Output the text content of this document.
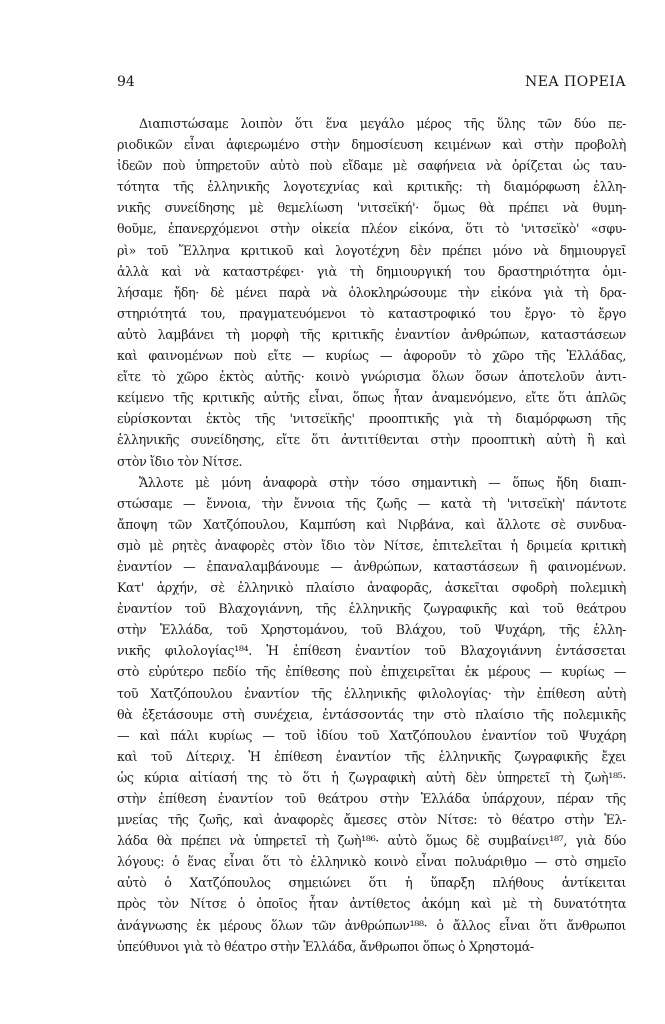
94	ΝΕΑ ΠΟΡΕΙΑ
Διαπιστώσαμε λοιπὸν ὅτι ἕνα μεγάλο μέρος τῆς ὕλης τῶν δύο πε-
ριοδικῶν εἶναι ἀφιερωμένο στὴν δημοσίευση κειμένων καὶ στὴν προβολὴ
ἰδεῶν ποὺ ὑπηρετοῦν αὐτὸ ποὺ εἴδαμε μὲ σαφήνεια νὰ ὁρίζεται ὡς ταυ-
τότητα τῆς ἑλληνικῆς λογοτεχνίας καὶ κριτικῆς: τὴ διαμόρφωση ἑλλη-
νικῆς συνείδησης μὲ θεμελίωση 'νιτσεϊκή'· ὅμως θὰ πρέπει νὰ θυμη-
θοῦμε, ἐπανερχόμενοι στὴν οἰκεία πλέον εἰκόνα, ὅτι τὸ 'νιτσεϊκὸ' «σφυ-
ρὶ» τοῦ Ἕλληνα κριτικοῦ καὶ λογοτέχνη δὲν πρέπει μόνο νὰ δημιουργεῖ
ἀλλὰ καὶ νὰ καταστρέφει· γιὰ τὴ δημιουργική του δραστηριότητα ὁμι-
λήσαμε ἤδη· δὲ μένει παρὰ νὰ ὁλοκληρώσουμε τὴν εἰκόνα γιὰ τὴ δρα-
στηριότητά του, πραγματευόμενοι τὸ καταστροφικό του ἔργο· τὸ ἔργο
αὐτὸ λαμβάνει τὴ μορφὴ τῆς κριτικῆς ἐναντίον ἀνθρώπων, καταστάσεων
καὶ φαινομένων ποὺ εἴτε — κυρίως — ἀφοροῦν τὸ χῶρο τῆς Ἑλλάδας,
εἴτε τὸ χῶρο ἐκτὸς αὐτῆς· κοινὸ γνώρισμα ὅλων ὅσων ἀποτελοῦν ἀντι-
κείμενο τῆς κριτικῆς αὐτῆς εἶναι, ὅπως ἦταν ἀναμενόμενο, εἴτε ὅτι ἁπλῶς
εὑρίσκονται ἐκτὸς τῆς 'νιτσεϊκῆς' προοπτικῆς γιὰ τὴ διαμόρφωση τῆς
ἑλληνικῆς συνείδησης, εἴτε ὅτι ἀντιτίθενται στὴν προοπτικὴ αὐτὴ ἢ καὶ
στὸν ἴδιο τὸν Νίτσε.
Ἄλλοτε μὲ μόνη ἀναφορὰ στὴν τόσο σημαντικὴ — ὅπως ἤδη διαπι-
στώσαμε — ἔννοια, τὴν ἔννοια τῆς ζωῆς — κατὰ τὴ 'νιτσεϊκὴ' πάντοτε
ἄποψη τῶν Χατζόπουλου, Καμπύση καὶ Νιρβάνα, καὶ ἄλλοτε σὲ συνδυα-
σμὸ μὲ ρητὲς ἀναφορὲς στὸν ἴδιο τὸν Νίτσε, ἐπιτελεῖται ἡ δριμεία κριτικὴ
ἐναντίον — ἐπαναλαμβάνουμε — ἀνθρώπων, καταστάσεων ἢ φαινομένων.
Κατ' ἀρχήν, σὲ ἑλληνικὸ πλαίσιο ἀναφορᾶς, ἀσκεῖται σφοδρὴ πολεμικὴ
ἐναντίον τοῦ Βλαχογιάννη, τῆς ἑλληνικῆς ζωγραφικῆς καὶ τοῦ θεάτρου
στὴν Ἑλλάδα, τοῦ Χρηστομάνου, τοῦ Βλάχου, τοῦ Ψυχάρη, τῆς ἑλλη-
νικῆς φιλολογίας¹⁸⁴. Ἡ ἐπίθεση ἐναντίον τοῦ Βλαχογιάννη ἐντάσσεται
στὸ εὐρύτερο πεδίο τῆς ἐπίθεσης ποὺ ἐπιχειρεῖται ἐκ μέρους — κυρίως —
τοῦ Χατζόπουλου ἐναντίον τῆς ἑλληνικῆς φιλολογίας· τὴν ἐπίθεση αὐτὴ
θὰ ἐξετάσουμε στὴ συνέχεια, ἐντάσσοντάς την στὸ πλαίσιο τῆς πολεμικῆς
— καὶ πάλι κυρίως — τοῦ ἰδίου τοῦ Χατζόπουλου ἐναντίον τοῦ Ψυχάρη
καὶ τοῦ Δίτεριχ. Ἡ ἐπίθεση ἐναντίον τῆς ἑλληνικῆς ζωγραφικῆς ἔχει
ὡς κύρια αἰτίασή της τὸ ὅτι ἡ ζωγραφικὴ αὐτὴ δὲν ὑπηρετεῖ τὴ ζωὴ¹⁸⁵·
στὴν ἐπίθεση ἐναντίον τοῦ θεάτρου στὴν Ἑλλάδα ὑπάρχουν, πέραν τῆς
μνείας τῆς ζωῆς, καὶ ἀναφορὲς ἄμεσες στὸν Νίτσε: τὸ θέατρο στὴν Ἑλ-
λάδα θὰ πρέπει νὰ ὑπηρετεῖ τὴ ζωὴ¹⁸⁶· αὐτὸ ὅμως δὲ συμβαίνει¹⁸⁷, γιὰ δύο
λόγους: ὁ ἕνας εἶναι ὅτι τὸ ἑλληνικὸ κοινὸ εἶναι πολυάριθμο — στὸ σημεῖο
αὐτὸ ὁ Χατζόπουλος σημειώνει ὅτι ἡ ὕπαρξη πλήθους ἀντίκειται
πρὸς τὸν Νίτσε ὁ ὁποῖος ἦταν ἀντίθετος ἀκόμη καὶ μὲ τὴ δυνατότητα
ἀνάγνωσης ἐκ μέρους ὅλων τῶν ἀνθρώπων¹⁸⁸· ὁ ἄλλος εἶναι ὅτι ἄνθρωποι
ὑπεύθυνοι γιὰ τὸ θέατρο στὴν Ἑλλάδα, ἄνθρωποι ὅπως ὁ Χρηστομά-
